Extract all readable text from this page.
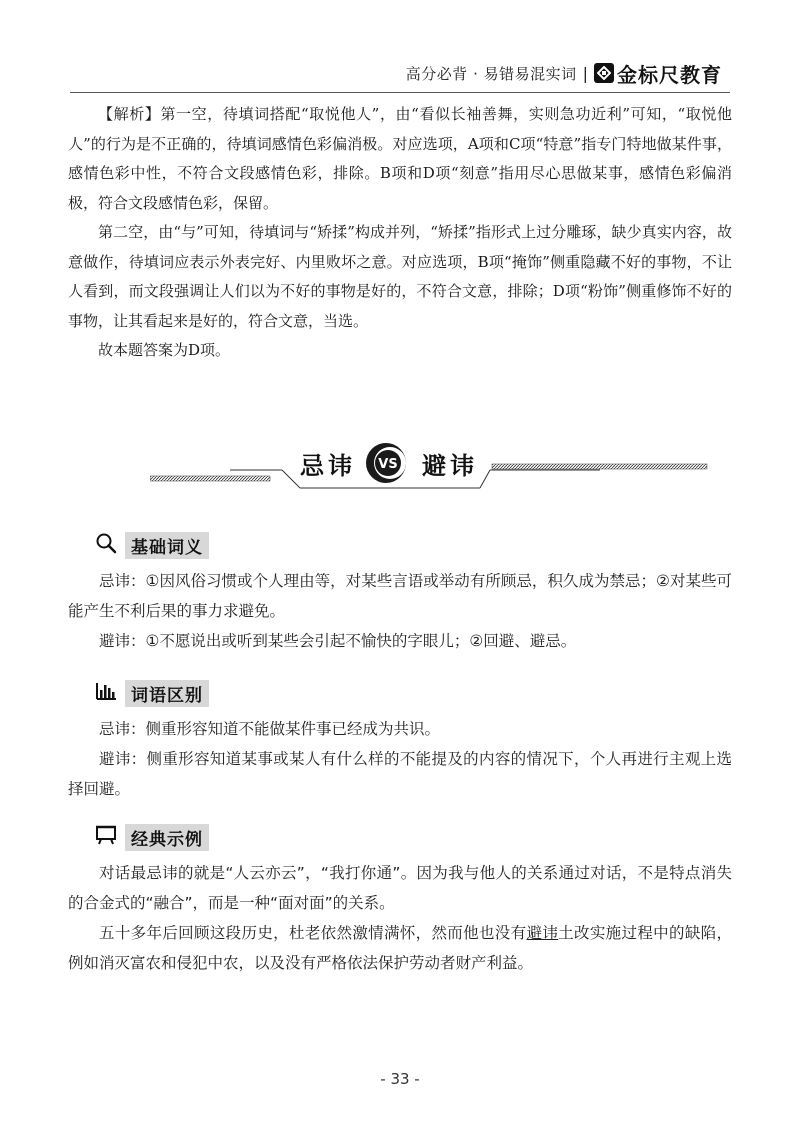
高分必背 · 易错易混实词 | 金标尺教育

【解析】第一空，待填词搭配“取悦他人”，由“看似长袖善舞，实则急功近利”可知，“取悦他人”的行为是不正确的，待填词感情色彩偏消极。对应选项，A项和C项“特意”指专门特地做某件事，感情色彩中性，不符合文段感情色彩，排除。B项和D项“刻意”指用尽心思做某事，感情色彩偏消极，符合文段感情色彩，保留。

第二空，由“与”可知，待填词与“矫揉”构成并列，“矫揉”指形式上过分雕琢，缺少真实内容，故意做作，待填词应表示外表完好、内里败坏之意。对应选项，B项“掩饰”侧重隐藏不好的事物，不让人看到，而文段强调让人们以为不好的事物是好的，不符合文意，排除；D项“粉饰”侧重修饰不好的事物，让其看起来是好的，符合文意，当选。

故本题答案为D项。

VS
忌讳	避讳
基础词义

忌讳：①因风俗习惯或个人理由等，对某些言语或举动有所顾忌，积久成为禁忌；②对某些可能产生不利后果的事力求避免。

避讳：①不愿说出或听到某些会引起不愉快的字眼儿；②回避、避忌。

词语区别

忌讳：侧重形容知道不能做某件事已经成为共识。

避讳：侧重形容知道某事或某人有什么样的不能提及的内容的情况下，个人再进行主观上选择回避。

经典示例

对话最忌讳的就是“人云亦云”，“我打你通”。因为我与他人的关系通过对话，不是特点消失的合金式的“融合”，而是一种“面对面”的关系。

五十多年后回顾这段历史，杜老依然激情满怀，然而他也没有避讳土改实施过程中的缺陷，例如消灭富农和侵犯中农，以及没有严格依法保护劳动者财产利益。

- 33 -
